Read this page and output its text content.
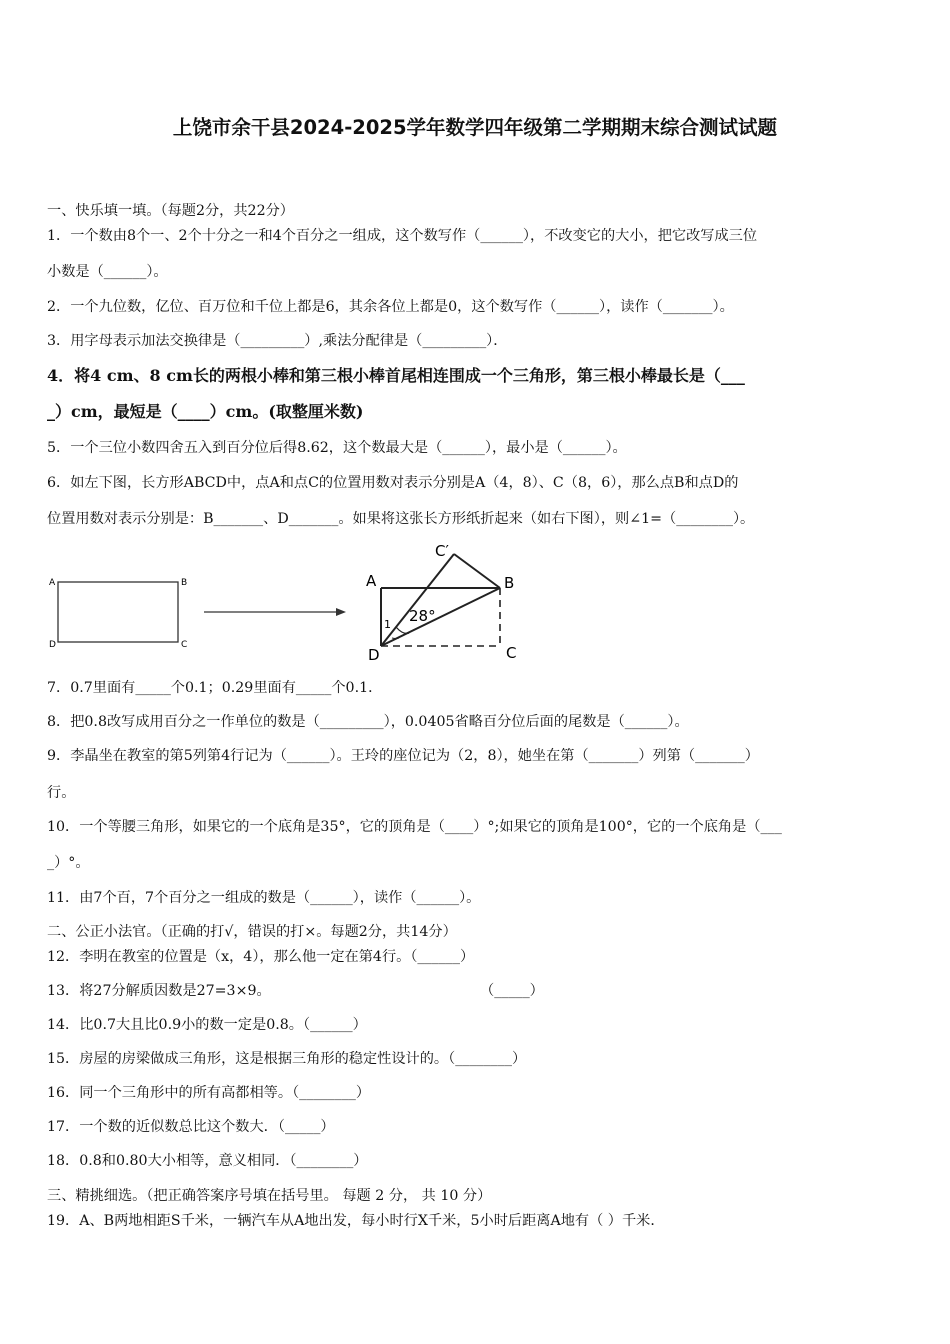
上饶市余干县2024-2025学年数学四年级第二学期期末综合测试试题
一、快乐填一填。（每题2分，共22分）
1．一个数由8个一、2个十分之一和4个百分之一组成，这个数写作（______），不改变它的大小，把它改写成三位
小数是（______）。
2．一个九位数，亿位、百万位和千位上都是6，其余各位上都是0，这个数写作（______），读作（_______）。
3．用字母表示加法交换律是（_________）,乘法分配律是（_________）．
4．将4 cm、8 cm长的两根小棒和第三根小棒首尾相连围成一个三角形，第三根小棒最长是（___
_）cm，最短是（____）cm。(取整厘米数)
5．一个三位小数四舍五入到百分位后得8.62，这个数最大是（______），最小是（______）。
6．如左下图，长方形ABCD中，点A和点C的位置用数对表示分别是A（4，8）、C（8，6），那么点B和点D的
位置用数对表示分别是：B_______、D_______。如果将这张长方形纸折起来（如右下图），则∠1=（________）。
A	B
C
D
A	B
C
D
C′
1 28°
7．0.7里面有_____个0.1；0.29里面有_____个0.1．
8．把0.8改写成用百分之一作单位的数是（_________），0.0405省略百分位后面的尾数是（______）。
9．李晶坐在教室的第5列第4行记为（______）。王玲的座位记为（2，8），她坐在第（_______）列第（_______）
行。
10．一个等腰三角形，如果它的一个底角是35°，它的顶角是（____）°;如果它的顶角是100°，它的一个底角是（___
_）°。
11．由7个百，7个百分之一组成的数是（______），读作（______）。
二、公正小法官。（正确的打√，错误的打×。每题2分，共14分）
12．李明在教室的位置是（x，4），那么他一定在第4行。（______）
13．将27分解质因数是27=3×9。	（_____）
14．比0.7大且比0.9小的数一定是0.8。（______）
15．房屋的房梁做成三角形，这是根据三角形的稳定性设计的。（________）
16．同一个三角形中的所有高都相等。（________）
17．一个数的近似数总比这个数大．（_____）
18．0.8和0.80大小相等，意义相同．（________）
三、精挑细选。（把正确答案序号填在括号里。 每题 2 分， 共 10 分）
19．A、B两地相距S千米，一辆汽车从A地出发，每小时行X千米，5小时后距离A地有（ ）千米．
